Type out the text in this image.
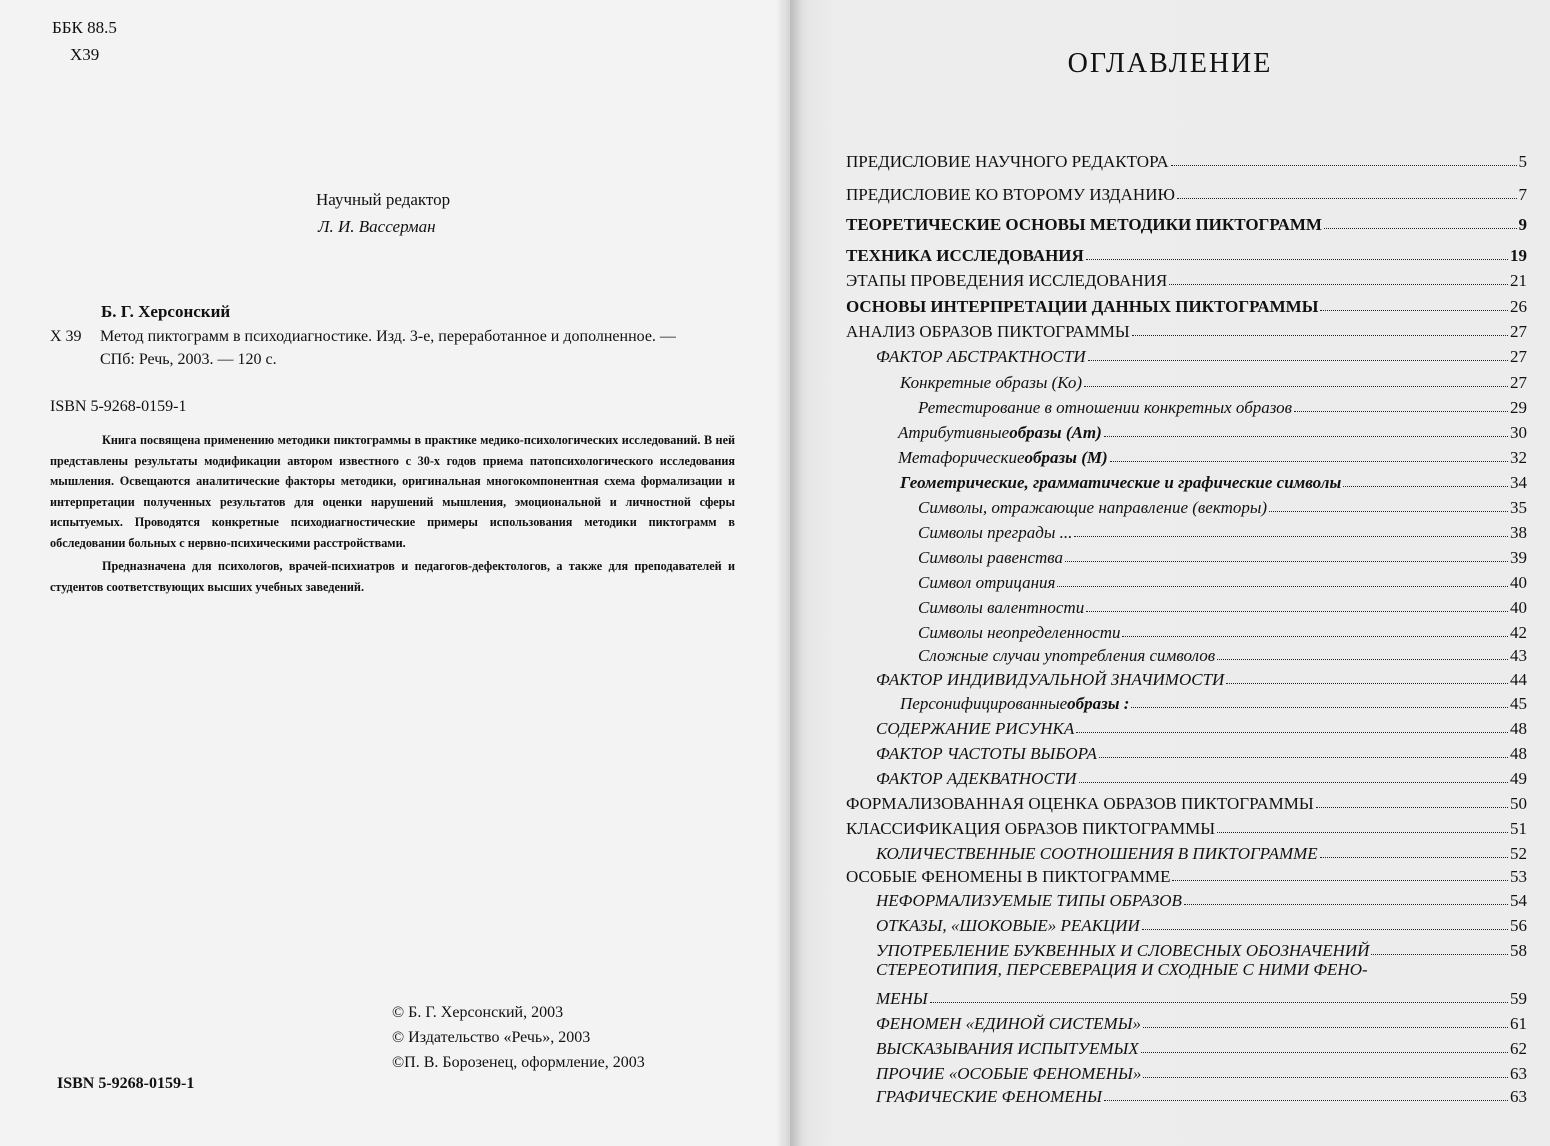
ББК 88.5
Х39
Научный редактор
Л. И. Вассерман
Б. Г. Херсонский
Х 39 Метод пиктограмм в психодиагностике. Изд. 3-е, переработанное и дополненное. —
СПб: Речь, 2003. — 120 с.
ISBN 5-9268-0159-1

Книга посвящена применению методики пиктограммы в практике медико-психологических исследований. В ней представлены результаты модификации автором известного с 30-х годов приема патопсихологического исследования мышления. Освещаются аналитические факторы методики, оригинальная многокомпонентная схема формализации и интерпретации полученных результатов для оценки нарушений мышления, эмоциональной и личностной сферы испытуемых. Проводятся конкретные психодиагностические примеры использования методики пиктограмм в обследовании больных с нервно-психическими расстройствами.

Предназначена для психологов, врачей-психиатров и педагогов-дефектологов, а также для преподавателей и студентов соответствующих высших учебных заведений.

© Б. Г. Херсонский, 2003
© Издательство «Речь», 2003
©П. В. Борозенец, оформление, 2003
ISBN 5-9268-0159-1
ОГЛАВЛЕНИЕ
ПРЕДИСЛОВИЕ НАУЧНОГО РЕДАКТОРА	5
ПРЕДИСЛОВИЕ КО ВТОРОМУ ИЗДАНИЮ	7
ТЕОРЕТИЧЕСКИЕ ОСНОВЫ МЕТОДИКИ ПИКТОГРАММ	9
ТЕХНИКА ИССЛЕДОВАНИЯ	19
ЭТАПЫ ПРОВЕДЕНИЯ ИССЛЕДОВАНИЯ	21
ОСНОВЫ ИНТЕРПРЕТАЦИИ ДАННЫХ ПИКТОГРАММЫ	26
АНАЛИЗ ОБРАЗОВ ПИКТОГРАММЫ	27
ФАКТОР АБСТРАКТНОСТИ	27
Конкретные образы (Ко)	27
Ретестирование в отношении конкретных образов	29
Атрибутивные образы (Ат)	30
Метафорические образы (М)	32
Геометрические, грамматические и графические символы	34
Символы, отражающие направление (векторы)	35
Символы преграды ...	38
Символы равенства	39
Символ отрицания	40
Символы валентности	40
Символы неопределенности	42
Сложные случаи употребления символов	43
ФАКТОР ИНДИВИДУАЛЬНОЙ ЗНАЧИМОСТИ	44
Персонифицированные образы :	45
СОДЕРЖАНИЕ РИСУНКА	48
ФАКТОР ЧАСТОТЫ ВЫБОРА	48
ФАКТОР АДЕКВАТНОСТИ	49
ФОРМАЛИЗОВАННАЯ ОЦЕНКА ОБРАЗОВ ПИКТОГРАММЫ	50
КЛАССИФИКАЦИЯ ОБРАЗОВ ПИКТОГРАММЫ	51
КОЛИЧЕСТВЕННЫЕ СООТНОШЕНИЯ В ПИКТОГРАММЕ	52
ОСОБЫЕ ФЕНОМЕНЫ В ПИКТОГРАММЕ	53
НЕФОРМАЛИЗУЕМЫЕ ТИПЫ ОБРАЗОВ	54
ОТКАЗЫ, «ШОКОВЫЕ» РЕАКЦИИ	56
УПОТРЕБЛЕНИЕ БУКВЕННЫХ И СЛОВЕСНЫХ ОБОЗНАЧЕНИЙ	58
СТЕРЕОТИПИЯ, ПЕРСЕВЕРАЦИЯ И СХОДНЫЕ С НИМИ ФЕНО-
МЕНЫ	59
ФЕНОМЕН «ЕДИНОЙ СИСТЕМЫ»	61
ВЫСКАЗЫВАНИЯ ИСПЫТУЕМЫХ	62
ПРОЧИЕ «ОСОБЫЕ ФЕНОМЕНЫ»	63
ГРАФИЧЕСКИЕ ФЕНОМЕНЫ	63
